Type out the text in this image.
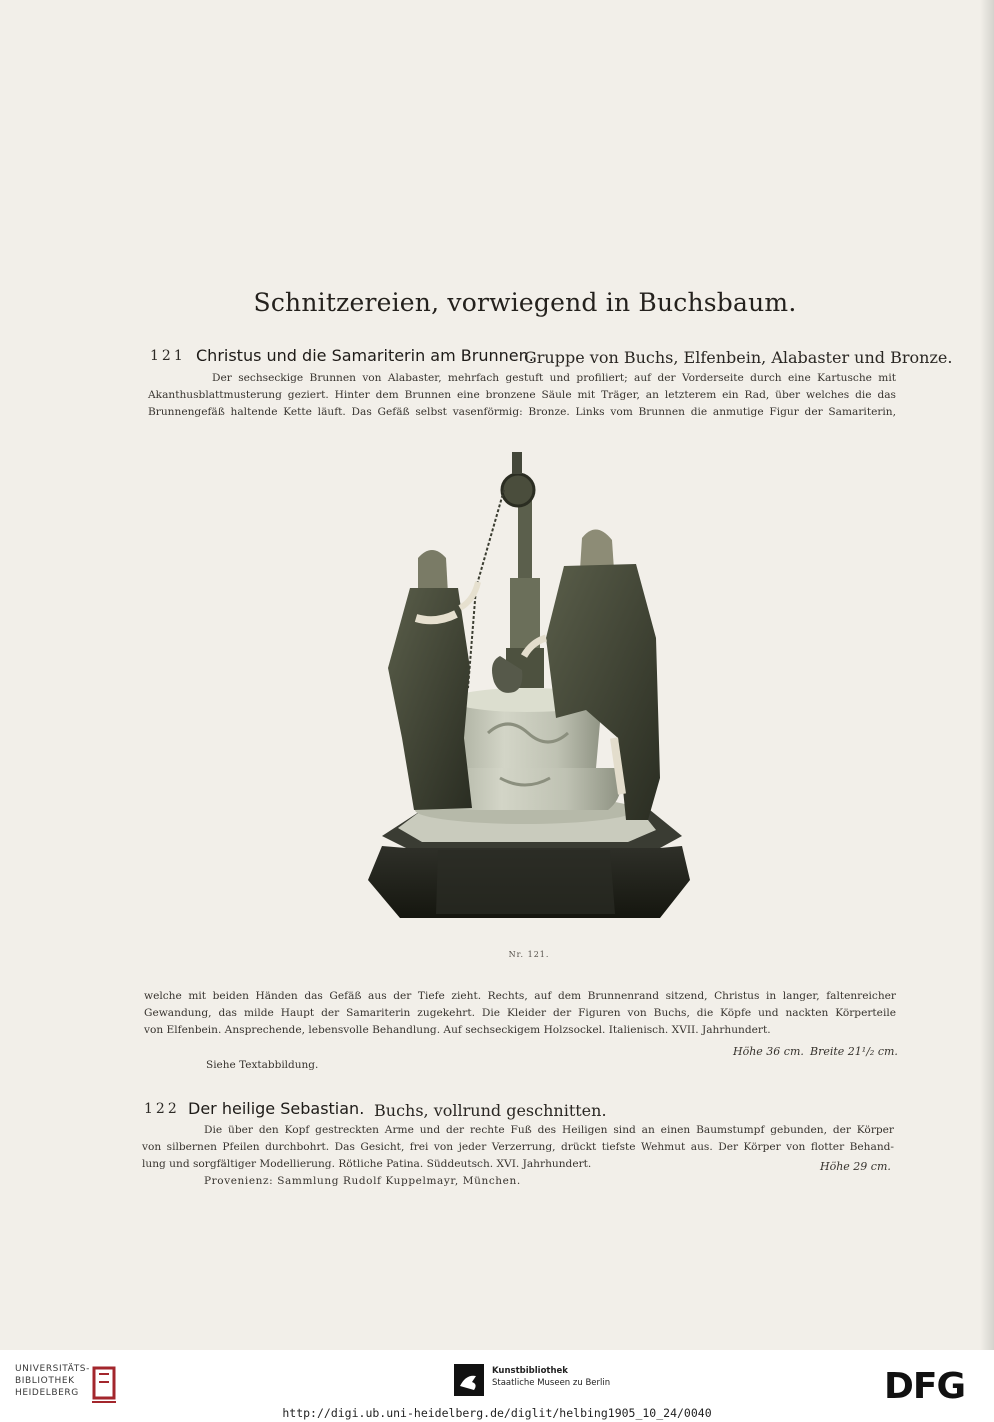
Schnitzereien, vorwiegend in Buchsbaum.
121 Christus und die Samariterin am Brunnen.
Gruppe von Buchs, Elfenbein, Alabaster und Bronze.
Der sechseckige Brunnen von Alabaster, mehrfach gestuft und profiliert; auf der Vorderseite durch eine Kartusche mit
Akanthusblattmusterung geziert. Hinter dem Brunnen eine bronzene Säule mit Träger, an letzterem ein Rad, über welches die das
Brunnengefäß haltende Kette läuft. Das Gefäß selbst vasenförmig: Bronze. Links vom Brunnen die anmutige Figur der Samariterin,
Nr. 121.
welche mit beiden Händen das Gefäß aus der Tiefe zieht. Rechts, auf dem Brunnenrand sitzend, Christus in langer, faltenreicher
Gewandung, das milde Haupt der Samariterin zugekehrt. Die Kleider der Figuren von Buchs, die Köpfe und nackten Körperteile
von Elfenbein. Ansprechende, lebensvolle Behandlung. Auf sechseckigem Holzsockel. Italienisch. XVII. Jahrhundert.
Höhe 36 cm. Breite 21¹/₂ cm.
Siehe Textabbildung.
122 Der heilige Sebastian. Buchs, vollrund geschnitten.
Die über den Kopf gestreckten Arme und der rechte Fuß des Heiligen sind an einen Baumstumpf gebunden, der Körper
von silbernen Pfeilen durchbohrt. Das Gesicht, frei von jeder Verzerrung, drückt tiefste Wehmut aus. Der Körper von flotter Behand-
lung und sorgfältiger Modellierung. Rötliche Patina. Süddeutsch. XVI. Jahrhundert.	Höhe 29 cm.
Provenienz: Sammlung Rudolf Kuppelmayr, München.
UNIVERSITÄTS-
BIBLIOTHEK
HEIDELBERG
Kunstbibliothek
Staatliche Museen zu Berlin	DFG
http://digi.ub.uni-heidelberg.de/diglit/helbing1905_10_24/0040
